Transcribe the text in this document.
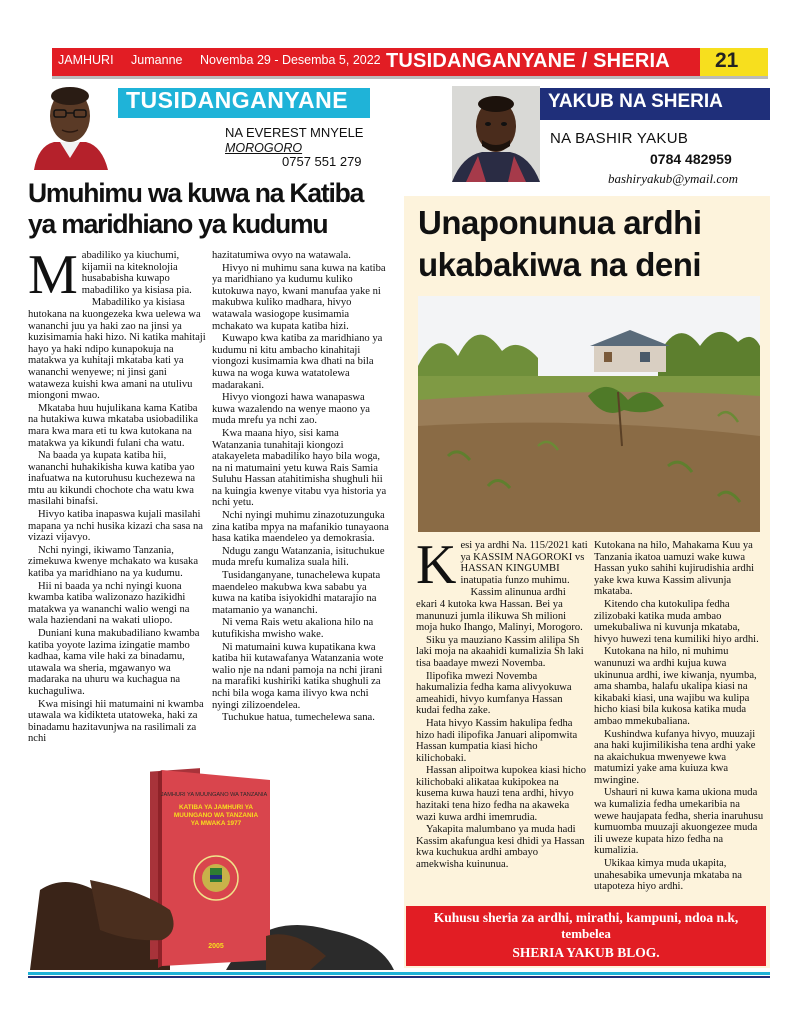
JAMHURI Jumanne Novemba 29 - Desemba 5, 2022 TUSIDANGANYANE / SHERIA 21
TUSIDANGANYANE
NA EVEREST MNYELE
MOROGORO
0757 551 279
Umuhimu wa kuwa na Katiba ya maridhiano ya kudumu

Mabadiliko ya kiuchumi, kijamii na kiteknolojia husababisha kuwapo mabadiliko ya kisiasa pia.

Mabadiliko ya kisiasa hutokana na kuongezeka kwa uelewa wa wananchi juu ya haki zao na jinsi ya kuzisimamia haki hizo. Ni katika mahitaji hayo ya haki ndipo kunapokuja na matakwa ya kuhitaji mkataba kati ya wananchi wenyewe; ni jinsi gani wataweza kuishi kwa amani na utulivu miongoni mwao.

Mkataba huu hujulikana kama Katiba na hutakiwa kuwa mkataba usiobadilika mara kwa mara eti tu kwa kutokana na matakwa ya kikundi fulani cha watu.

Na baada ya kupata katiba hii, wananchi huhakikisha kuwa katiba yao inafuatwa na kutoruhusu kuchezewa na mtu au kikundi chochote cha watu kwa masilahi binafsi.

Hivyo katiba inapaswa kujali masilahi mapana ya nchi husika kizazi cha sasa na vizazi vijavyo.

Nchi nyingi, ikiwamo Tanzania, zimekuwa kwenye mchakato wa kusaka katiba ya maridhiano na ya kudumu.

Hii ni baada ya nchi nyingi kuona kwamba katiba walizonazo hazikidhi matakwa ya wananchi walio wengi na wala haziendani na wakati uliopo.

Duniani kuna makubadiliano kwamba katiba yoyote lazima izingatie mambo kadhaa, kama vile haki za binadamu, utawala wa sheria, mgawanyo wa madaraka na uhuru wa kuchagua na kuchaguliwa.

Kwa misingi hii matumaini ni kwamba utawala wa kidikteta utatoweka, haki za binadamu hazitavunjwa na rasilimali za nchi

hazitatumiwa ovyo na watawala.

Hivyo ni muhimu sana kuwa na katiba ya maridhiano ya kudumu kuliko kutokuwa nayo, kwani manufaa yake ni makubwa kuliko madhara, hivyo watawala wasiogope kusimamia mchakato wa kupata katiba hizi.

Kuwapo kwa katiba za maridhiano ya kudumu ni kitu ambacho kinahitaji viongozi kusimamia kwa dhati na bila kuwa na woga kuwa watatolewa madarakani.

Hivyo viongozi hawa wanapaswa kuwa wazalendo na wenye maono ya muda mrefu ya nchi zao.

Kwa maana hiyo, sisi kama Watanzania tunahitaji kiongozi atakayeleta mabadiliko hayo bila woga, na ni matumaini yetu kuwa Rais Samia Suluhu Hassan atahitimisha shughuli hii na kuingia kwenye vitabu vya historia ya nchi yetu.

Nchi nyingi muhimu zinazotuzunguka zina katiba mpya na mafanikio tunayaona hasa katika maendeleo ya demokrasia.

Ndugu zangu Watanzania, isituchukue muda mrefu kumaliza suala hili.

Tusidanganyane, tunachelewa kupata maendeleo makubwa kwa sababu ya kuwa na katiba isiyokidhi matarajio na matamanio ya wananchi.

Ni vema Rais wetu akaliona hilo na kutufikisha mwisho wake.

Ni matumaini kuwa kupatikana kwa katiba hii kutawafanya Watanzania wote walio nje na ndani pamoja na nchi jirani na marafiki kushiriki katika shughuli za nchi bila woga kama ilivyo kwa nchi nyingi zilizoendelea.

Tuchukue hatua, tumechelewa sana.

JAMHURI YA MUUNGANO WA TANZANIA
KATIBA YA JAMHURI YA MUUNGANO WA TANZANIA YA MWAKA 1977
2005
YAKUB NA SHERIA
NA BASHIR YAKUB
0784 482959
bashiryakub@ymail.com
Unaponunua ardhi ukabakiwa na deni

Kesi ya ardhi Na. 115/2021 kati ya KASSIM NAGOROKI vs HASSAN KINGUMBI inatupatia funzo muhimu.

Kassim alinunua ardhi ekari 4 kutoka kwa Hassan. Bei ya manunuzi jumla ilikuwa Sh milioni moja huko Ihango, Malinyi, Morogoro.

Siku ya mauziano Kassim alilipa Sh laki moja na akaahidi kumalizia Sh laki tisa baadaye mwezi Novemba.

Ilipofika mwezi Novemba hakumalizia fedha kama alivyokuwa ameahidi, hivyo kumfanya Hassan kudai fedha zake.

Hata hivyo Kassim hakulipa fedha hizo hadi ilipofika Januari alipomwita Hassan kumpatia kiasi hicho kilichobaki.

Hassan alipoitwa kupokea kiasi hicho kilichobaki alikataa kukipokea na kusema kuwa hauzi tena ardhi, hivyo hazitaki tena hizo fedha na akaweka wazi kuwa ardhi imemrudia.

Yakapita malumbano ya muda hadi Kassim akafungua kesi dhidi ya Hassan kwa kuchukua ardhi ambayo amekwisha kuinunua.

Kutokana na hilo, Mahakama Kuu ya Tanzania ikatoa uamuzi wake kuwa Hassan yuko sahihi kujirudishia ardhi yake kwa kuwa Kassim alivunja mkataba.

Kitendo cha kutokulipa fedha zilizobaki katika muda ambao umekubaliwa ni kuvunja mkataba, hivyo huwezi tena kumiliki hiyo ardhi.

Kutokana na hilo, ni muhimu wanunuzi wa ardhi kujua kuwa ukinunua ardhi, iwe kiwanja, nyumba, ama shamba, halafu ukalipa kiasi na kikabaki kiasi, una wajibu wa kulipa hicho kiasi bila kukosa katika muda ambao mmekubaliana.

Kushindwa kufanya hivyo, muuzaji ana haki kujimilikisha tena ardhi yake na akaichukua mwenyewe kwa matumizi yake ama kuiuza kwa mwingine.

Ushauri ni kuwa kama ukiona muda wa kumalizia fedha umekaribia na wewe haujapata fedha, sheria inaruhusu kumuomba muuzaji akuongezee muda ili uweze kupata hizo fedha na kumalizia.

Ukikaa kimya muda ukapita, unahesabika umevunja mkataba na utapoteza hiyo ardhi.

Kuhusu sheria za ardhi, mirathi, kampuni, ndoa n.k,
tembelea
SHERIA YAKUB BLOG.
